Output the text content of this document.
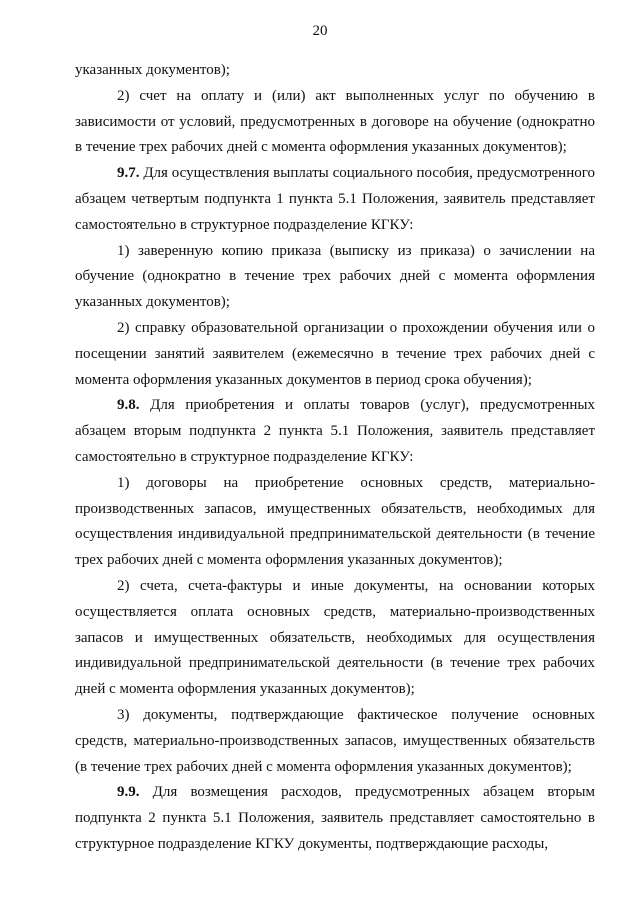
20

указанных документов);

2) счет на оплату и (или) акт выполненных услуг по обучению в зависимости от условий, предусмотренных в договоре на обучение (однократно в течение трех рабочих дней с момента оформления указанных документов);

9.7. Для осуществления выплаты социального пособия, предусмотренного абзацем четвертым подпункта 1 пункта 5.1 Положения, заявитель представляет самостоятельно в структурное подразделение КГКУ:

1) заверенную копию приказа (выписку из приказа) о зачислении на обучение (однократно в течение трех рабочих дней с момента оформления указанных документов);

2) справку образовательной организации о прохождении обучения или о посещении занятий заявителем (ежемесячно в течение трех рабочих дней с момента оформления указанных документов в период срока обучения);

9.8. Для приобретения и оплаты товаров (услуг), предусмотренных абзацем вторым подпункта 2 пункта 5.1 Положения, заявитель представляет самостоятельно в структурное подразделение КГКУ:

1) договоры на приобретение основных средств, материально-производственных запасов, имущественных обязательств, необходимых для осуществления индивидуальной предпринимательской деятельности (в течение трех рабочих дней с момента оформления указанных документов);

2) счета, счета-фактуры и иные документы, на основании которых осуществляется оплата основных средств, материально-производственных запасов и имущественных обязательств, необходимых для осуществления индивидуальной предпринимательской деятельности (в течение трех рабочих дней с момента оформления указанных документов);

3) документы, подтверждающие фактическое получение основных средств, материально-производственных запасов, имущественных обязательств (в течение трех рабочих дней с момента оформления указанных документов);

9.9. Для возмещения расходов, предусмотренных абзацем вторым подпункта 2 пункта 5.1 Положения, заявитель представляет самостоятельно в структурное подразделение КГКУ документы, подтверждающие расходы,
